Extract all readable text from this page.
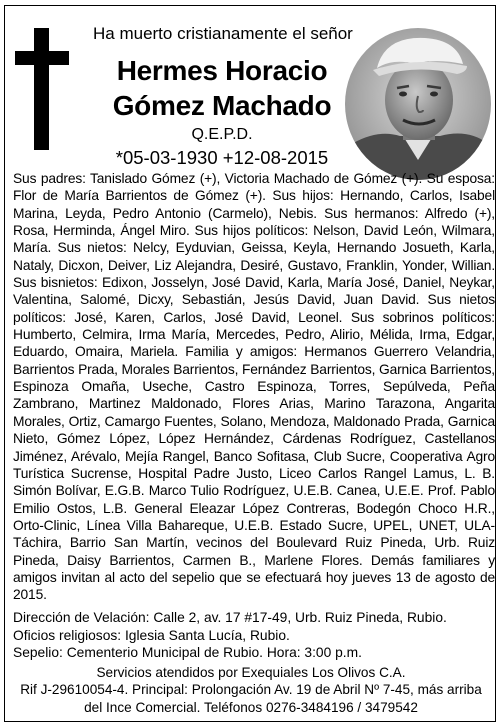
Ha muerto cristianamente el señor
Hermes Horacio
Gómez Machado
Q.E.P.D.
*05-03-1930 +12-08-2015

Sus padres: Tanislado Gómez (+), Victoria Machado de Gómez (+). Su esposa: Flor de María Barrientos de Gómez (+). Sus hijos: Hernando, Carlos, Isabel Marina, Leyda, Pedro Antonio (Carmelo), Nebis. Sus hermanos: Alfredo (+), Rosa, Herminda, Ángel Miro. Sus hijos políticos: Nelson, David León, Wilmara, María. Sus nietos: Nelcy, Eyduvian, Geissa, Keyla, Hernando Josueth, Karla, Nataly, Dicxon, Deiver, Liz Alejandra, Desiré, Gustavo, Franklin, Yonder, Willian. Sus bisnietos: Edixon, Josselyn, José David, Karla, María José, Daniel, Neykar, Valentina, Salomé, Dicxy, Sebastián, Jesús David, Juan David. Sus nietos políticos: José, Karen, Carlos, José David, Leonel. Sus sobrinos políticos: Humberto, Celmira, Irma María, Mercedes, Pedro, Alirio, Mélida, Irma, Edgar, Eduardo, Omaira, Mariela. Familia y amigos: Hermanos Guerrero Velandria, Barrientos Prada, Morales Barrientos, Fernández Barrientos, Garnica Barrientos, Espinoza Omaña, Useche, Castro Espinoza, Torres, Sepúlveda, Peña Zambrano, Martinez Maldonado, Flores Arias, Marino Tarazona, Angarita Morales, Ortiz, Camargo Fuentes, Solano, Mendoza, Maldonado Prada, Garnica Nieto, Gómez López, López Hernández, Cárdenas Rodríguez, Castellanos Jiménez, Arévalo, Mejía Rangel, Banco Sofitasa, Club Sucre, Cooperativa Agro Turística Sucrense, Hospital Padre Justo, Liceo Carlos Rangel Lamus, L. B. Simón Bolívar, E.G.B. Marco Tulio Rodríguez, U.E.B. Canea, U.E.E. Prof. Pablo Emilio Ostos, L.B. General Eleazar López Contreras, Bodegón Choco H.R., Orto-Clinic, Línea Villa Bahareque, U.E.B. Estado Sucre, UPEL, UNET, ULA-Táchira, Barrio San Martín, vecinos del Boulevard Ruiz Pineda, Urb. Ruiz Pineda, Daisy Barrientos, Carmen B., Marlene Flores. Demás familiares y amigos invitan al acto del sepelio que se efectuará hoy jueves 13 de agosto de 2015.

Dirección de Velación: Calle 2, av. 17 #17-49, Urb. Ruiz Pineda, Rubio.
Oficios religiosos: Iglesia Santa Lucía, Rubio.
Sepelio: Cementerio Municipal de Rubio. Hora: 3:00 p.m.

Servicios atendidos por Exequiales Los Olivos C.A.

Rif J-29610054-4. Principal: Prolongación Av. 19 de Abril Nº 7-45, más arriba del Ince Comercial. Teléfonos 0276-3484196 / 3479542
